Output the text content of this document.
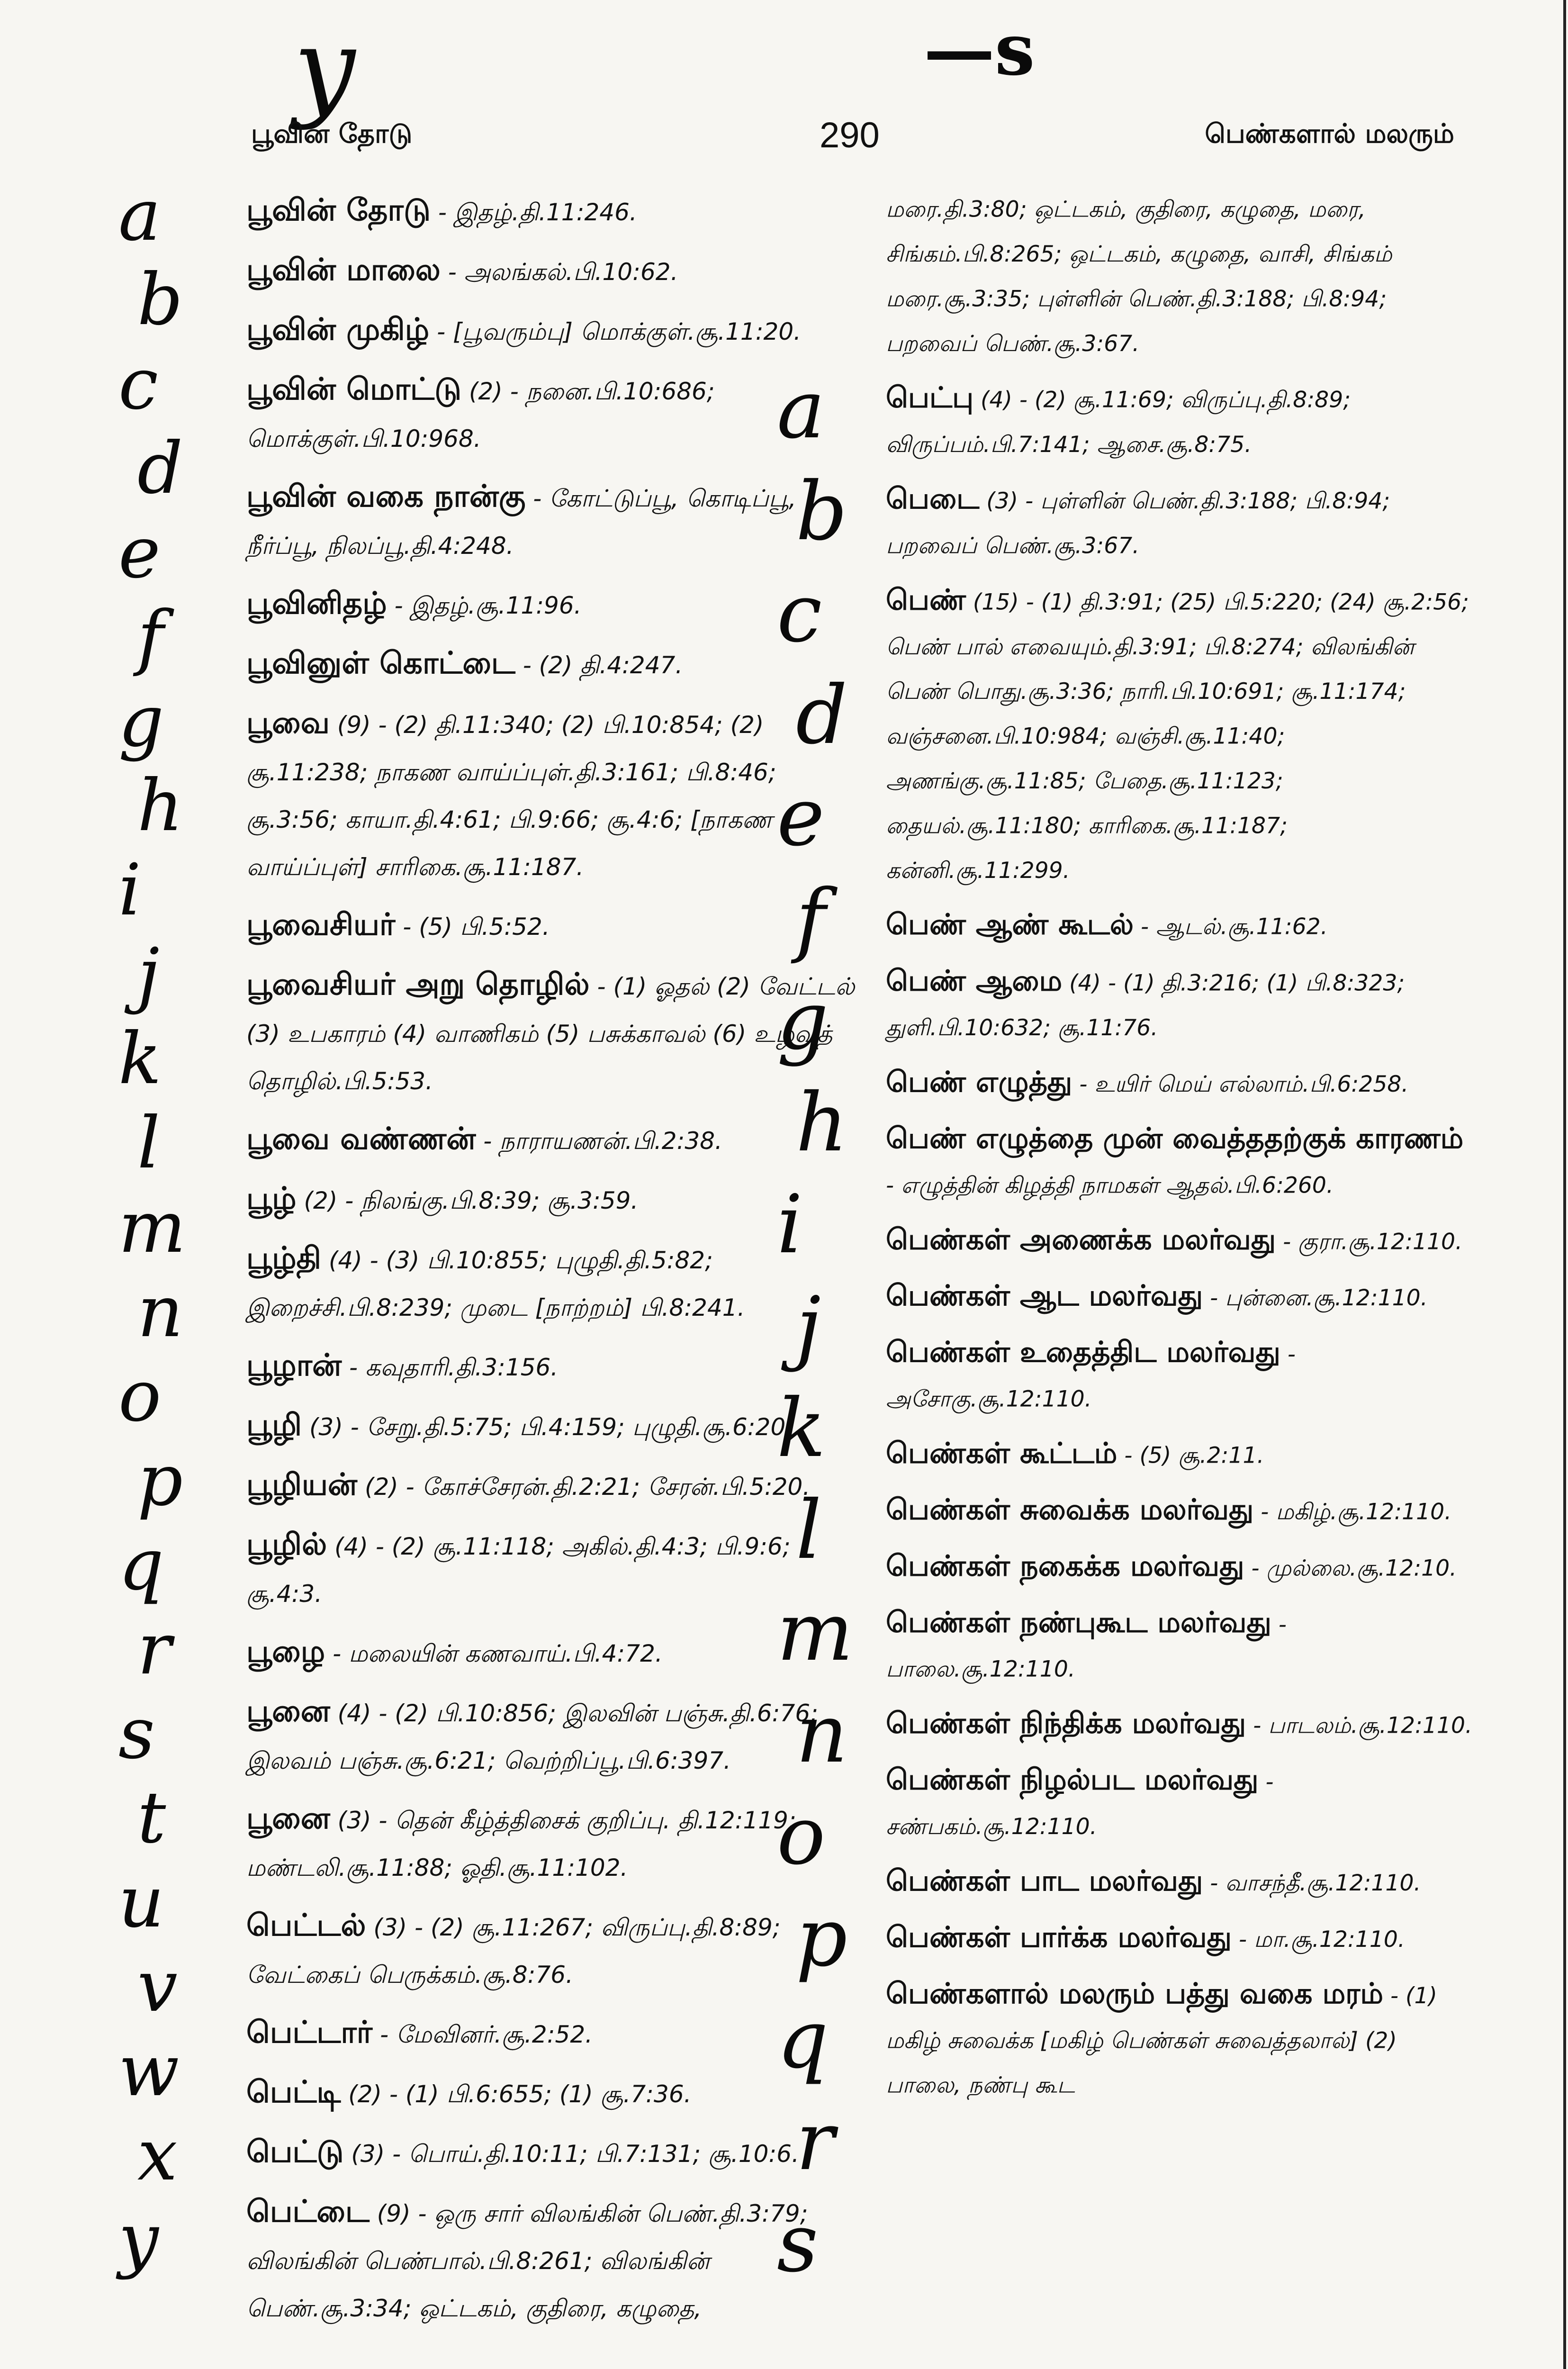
y	—s
பூவின் தோடு	290	பெண்களால் மலரும்
பூவின் தோடு - இதழ்.தி.11:246.
பூவின் மாலை - அலங்கல்.பி.10:62.
பூவின் முகிழ் - [பூவரும்பு] மொக்குள்.சூ.11:20.
பூவின் மொட்டு (2) - நனை.பி.10:686; மொக்குள்.பி.10:968.
பூவின் வகை நான்கு - கோட்டுப்பூ, கொடிப்பூ, நீர்ப்பூ, நிலப்பூ.தி.4:248.
பூவினிதழ் - இதழ்.சூ.11:96.
பூவினுள் கொட்டை - (2) தி.4:247.
பூவை (9) - (2) தி.11:340; (2) பி.10:854; (2) சூ.11:238; நாகண வாய்ப்புள்.தி.3:161; பி.8:46; சூ.3:56; காயா.தி.4:61; பி.9:66; சூ.4:6; [நாகண வாய்ப்புள்] சாரிகை.சூ.11:187.
பூவைசியர் - (5) பி.5:52.
பூவைசியர் அறு தொழில் - (1) ஓதல் (2) வேட்டல் (3) உபகாரம் (4) வாணிகம் (5) பசுக்காவல் (6) உழவுத் தொழில்.பி.5:53.
பூவை வண்ணன் - நாராயணன்.பி.2:38.
பூழ் (2) - நிலங்கு.பி.8:39; சூ.3:59.
பூழ்தி (4) - (3) பி.10:855; புழுதி.தி.5:82; இறைச்சி.பி.8:239; முடை [நாற்றம்] பி.8:241.
பூழான் - கவுதாரி.தி.3:156.
பூழி (3) - சேறு.தி.5:75; பி.4:159; புழுதி.சூ.6:20.
பூழியன் (2) - கோச்சேரன்.தி.2:21; சேரன்.பி.5:20.
பூழில் (4) - (2) சூ.11:118; அகில்.தி.4:3; பி.9:6; சூ.4:3.
பூழை - மலையின் கணவாய்.பி.4:72.
பூனை (4) - (2) பி.10:856; இலவின் பஞ்சு.தி.6:76; இலவம் பஞ்சு.சூ.6:21; வெற்றிப்பூ.பி.6:397.
பூனை (3) - தென் கீழ்த்திசைக் குறிப்பு. தி.12:119; மண்டலி.சூ.11:88; ஓதி.சூ.11:102.
பெட்டல் (3) - (2) சூ.11:267; விருப்பு.தி.8:89; வேட்கைப் பெருக்கம்.சூ.8:76.
பெட்டார் - மேவினர்.சூ.2:52.
பெட்டி (2) - (1) பி.6:655; (1) சூ.7:36.
பெட்டு (3) - பொய்.தி.10:11; பி.7:131; சூ.10:6.
பெட்டை (9) - ஒரு சார் விலங்கின் பெண்.தி.3:79; விலங்கின் பெண்பால்.பி.8:261; விலங்கின் பெண்.சூ.3:34; ஒட்டகம், குதிரை, கழுதை,
மரை.தி.3:80; ஒட்டகம், குதிரை, கழுதை, மரை, சிங்கம்.பி.8:265; ஒட்டகம், கழுதை, வாசி, சிங்கம் மரை.சூ.3:35; புள்ளின் பெண்.தி.3:188; பி.8:94; பறவைப் பெண்.சூ.3:67.
பெட்பு (4) - (2) சூ.11:69; விருப்பு.தி.8:89; விருப்பம்.பி.7:141; ஆசை.சூ.8:75.
பெடை (3) - புள்ளின் பெண்.தி.3:188; பி.8:94; பறவைப் பெண்.சூ.3:67.
பெண் (15) - (1) தி.3:91; (25) பி.5:220; (24) சூ.2:56; பெண் பால் எவையும்.தி.3:91; பி.8:274; விலங்கின் பெண் பொது.சூ.3:36; நாரி.பி.10:691; சூ.11:174; வஞ்சனை.பி.10:984; வஞ்சி.சூ.11:40; அணங்கு.சூ.11:85; பேதை.சூ.11:123; தையல்.சூ.11:180; காரிகை.சூ.11:187; கன்னி.சூ.11:299.
பெண் ஆண் கூடல் - ஆடல்.சூ.11:62.
பெண் ஆமை (4) - (1) தி.3:216; (1) பி.8:323; துளி.பி.10:632; சூ.11:76.
பெண் எழுத்து - உயிர் மெய் எல்லாம்.பி.6:258.
பெண் எழுத்தை முன் வைத்ததற்குக் காரணம் - எழுத்தின் கிழத்தி நாமகள் ஆதல்.பி.6:260.
பெண்கள் அணைக்க மலர்வது - குரா.சூ.12:110.
பெண்கள் ஆட மலர்வது - புன்னை.சூ.12:110.
பெண்கள் உதைத்திட மலர்வது - அசோகு.சூ.12:110.
பெண்கள் கூட்டம் - (5) சூ.2:11.
பெண்கள் சுவைக்க மலர்வது - மகிழ்.சூ.12:110.
பெண்கள் நகைக்க மலர்வது - முல்லை.சூ.12:10.
பெண்கள் நண்புகூட மலர்வது - பாலை.சூ.12:110.
பெண்கள் நிந்திக்க மலர்வது - பாடலம்.சூ.12:110.
பெண்கள் நிழல்பட மலர்வது - சண்பகம்.சூ.12:110.
பெண்கள் பாட மலர்வது - வாசந்தீ.சூ.12:110.
பெண்கள் பார்க்க மலர்வது - மா.சூ.12:110.
பெண்களால் மலரும் பத்து வகை மரம் - (1) மகிழ் சுவைக்க [மகிழ் பெண்கள் சுவைத்தலால்] (2) பாலை, நண்பு கூட
a
b
c
d
e
f
g
h
i
j
k
l
m
n
o
p
q
r
s
t
u
v
w
x
y
a
b
c
d
e
f
g
h
i
j
k
l
m
n
o
p
q
r
s
